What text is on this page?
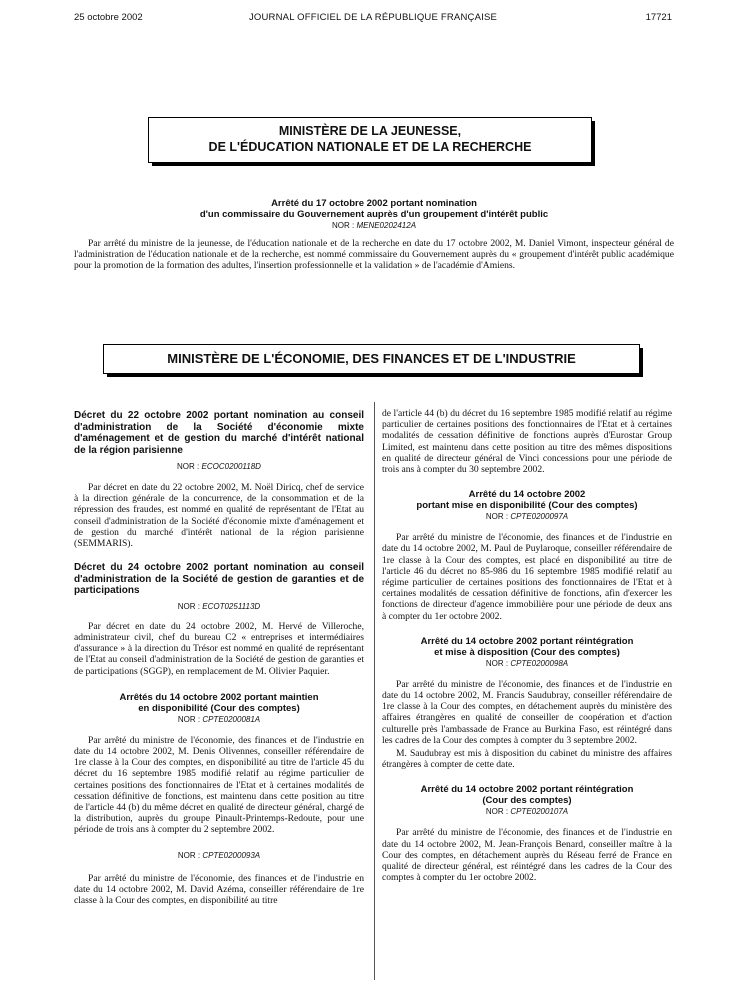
25 octobre 2002	JOURNAL OFFICIEL DE LA RÉPUBLIQUE FRANÇAISE	17721
MINISTÈRE DE LA JEUNESSE,
DE L'ÉDUCATION NATIONALE ET DE LA RECHERCHE
Arrêté du 17 octobre 2002 portant nomination
d'un commissaire du Gouvernement auprès d'un groupement d'intérêt public
NOR : MENE0202412A

Par arrêté du ministre de la jeunesse, de l'éducation nationale et de la recherche en date du 17 octobre 2002, M. Daniel Vimont, inspecteur général de l'administration de l'éducation nationale et de la recherche, est nommé commissaire du Gouvernement auprès du « groupement d'intérêt public académique pour la promotion de la formation des adultes, l'insertion professionnelle et la validation » de l'académie d'Amiens.

MINISTÈRE DE L'ÉCONOMIE, DES FINANCES ET DE L'INDUSTRIE
Décret du 22 octobre 2002 portant nomination au conseil d'administration de la Société d'économie mixte d'aménagement et de gestion du marché d'intérêt national de la région parisienne
NOR : ECOC0200118D

Par décret en date du 22 octobre 2002, M. Noël Diricq, chef de service à la direction générale de la concurrence, de la consommation et de la répression des fraudes, est nommé en qualité de représentant de l'Etat au conseil d'administration de la Société d'économie mixte d'aménagement et de gestion du marché d'intérêt national de la région parisienne (SEMMARIS).

Décret du 24 octobre 2002 portant nomination au conseil d'administration de la Société de gestion de garanties et de participations
NOR : ECOT0251113D

Par décret en date du 24 octobre 2002, M. Hervé de Villeroche, administrateur civil, chef du bureau C2 « entreprises et intermédiaires d'assurance » à la direction du Trésor est nommé en qualité de représentant de l'Etat au conseil d'administration de la Société de gestion de garanties et de participations (SGGP), en remplacement de M. Olivier Paquier.

Arrêtés du 14 octobre 2002 portant maintien
en disponibilité (Cour des comptes)
NOR : CPTE0200081A

Par arrêté du ministre de l'économie, des finances et de l'industrie en date du 14 octobre 2002, M. Denis Olivennes, conseiller référendaire de 1re classe à la Cour des comptes, en disponibilité au titre de l'article 45 du décret du 16 septembre 1985 modifié relatif au régime particulier de certaines positions des fonctionnaires de l'Etat et à certaines modalités de cessation définitive de fonctions, est maintenu dans cette position au titre de l'article 44 (b) du même décret en qualité de directeur général, chargé de la distribution, auprès du groupe Pinault-Printemps-Redoute, pour une période de trois ans à compter du 2 septembre 2002.

NOR : CPTE0200093A

Par arrêté du ministre de l'économie, des finances et de l'industrie en date du 14 octobre 2002, M. David Azéma, conseiller référendaire de 1re classe à la Cour des comptes, en disponibilité au titre

de l'article 44 (b) du décret du 16 septembre 1985 modifié relatif au régime particulier de certaines positions des fonctionnaires de l'Etat et à certaines modalités de cessation définitive de fonctions auprès d'Eurostar Group Limited, est maintenu dans cette position au titre des mêmes dispositions en qualité de directeur général de Vinci concessions pour une période de trois ans à compter du 30 septembre 2002.

Arrêté du 14 octobre 2002
portant mise en disponibilité (Cour des comptes)
NOR : CPTE0200097A

Par arrêté du ministre de l'économie, des finances et de l'industrie en date du 14 octobre 2002, M. Paul de Puylaroque, conseiller référendaire de 1re classe à la Cour des comptes, est placé en disponibilité au titre de l'article 46 du décret no 85-986 du 16 septembre 1985 modifié relatif au régime particulier de certaines positions des fonctionnaires de l'Etat et à certaines modalités de cessation définitive de fonctions, afin d'exercer les fonctions de directeur d'agence immobilière pour une période de deux ans à compter du 1er octobre 2002.

Arrêté du 14 octobre 2002 portant réintégration
et mise à disposition (Cour des comptes)
NOR : CPTE0200098A

Par arrêté du ministre de l'économie, des finances et de l'industrie en date du 14 octobre 2002, M. Francis Saudubray, conseiller référendaire de 1re classe à la Cour des comptes, en détachement auprès du ministère des affaires étrangères en qualité de conseiller de coopération et d'action culturelle près l'ambassade de France au Burkina Faso, est réintégré dans les cadres de la Cour des comptes à compter du 3 septembre 2002.

M. Saudubray est mis à disposition du cabinet du ministre des affaires étrangères à compter de cette date.

Arrêté du 14 octobre 2002 portant réintégration
(Cour des comptes)
NOR : CPTE0200107A

Par arrêté du ministre de l'économie, des finances et de l'industrie en date du 14 octobre 2002, M. Jean-François Benard, conseiller maître à la Cour des comptes, en détachement auprès du Réseau ferré de France en qualité de directeur général, est réintégré dans les cadres de la Cour des comptes à compter du 1er octobre 2002.
